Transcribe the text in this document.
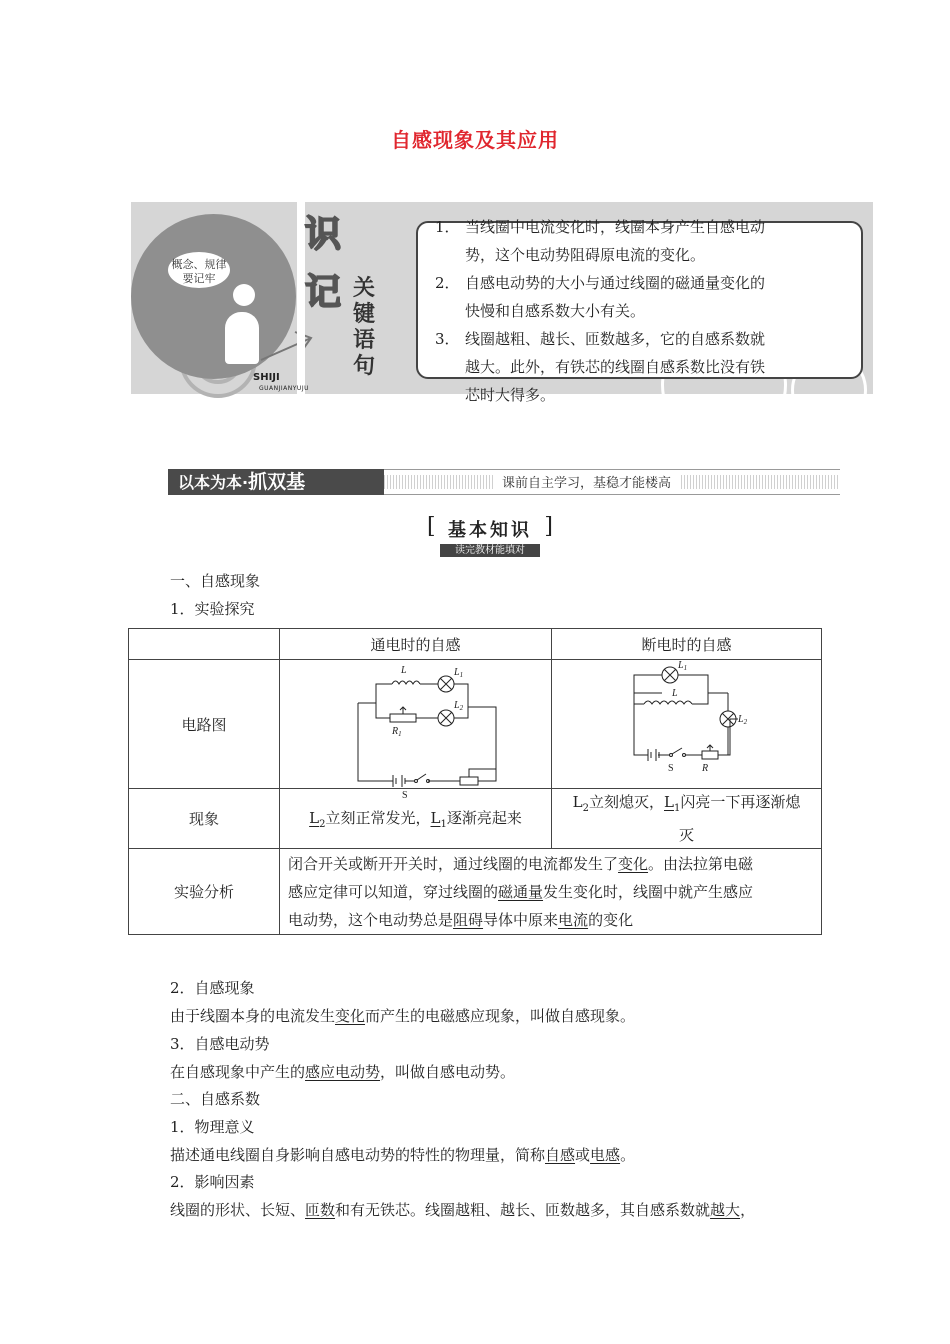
自感现象及其应用
概念、规律
要记牢
识
记 关
键
语
句
SHIJI
GUANJIANYUJU
1． 当线圈中电流变化时，线圈本身产生自感电动
势，这个电动势阻碍原电流的变化。
2． 自感电动势的大小与通过线圈的磁通量变化的
快慢和自感系数大小有关。
3． 线圈越粗、越长、匝数越多，它的自感系数就
越大。此外，有铁芯的线圈自感系数比没有铁
芯时大得多。
以本为本·抓双基	课前自主学习，基稳才能楼高
[	]
基本知识
读完教材能填对
一、自感现象
1．实验探究
	通电时的自感	断电时的自感
电路图	L $L_1$
$L_2$
$R_1$
S	$L_1$
L
$L_2$
S R

现象	$L_2$立刻正常发光，$L_1$逐渐亮起来	$L_2$立刻熄灭，$L_1$闪亮一下再逐渐熄
灭

实验分析	闭合开关或断开开关时，通过线圈的电流都发生了变化。由法拉第电磁
感应定律可以知道，穿过线圈的磁通量发生变化时，线圈中就产生感应
电动势，这个电动势总是阻碍导体中原来电流的变化	
2．自感现象
由于线圈本身的电流发生变化而产生的电磁感应现象，叫做自感现象。
3．自感电动势
在自感现象中产生的感应电动势，叫做自感电动势。
二、自感系数
1．物理意义
描述通电线圈自身影响自感电动势的特性的物理量，简称自感或电感。
2．影响因素
线圈的形状、长短、匝数和有无铁芯。线圈越粗、越长、匝数越多，其自感系数就越大，
